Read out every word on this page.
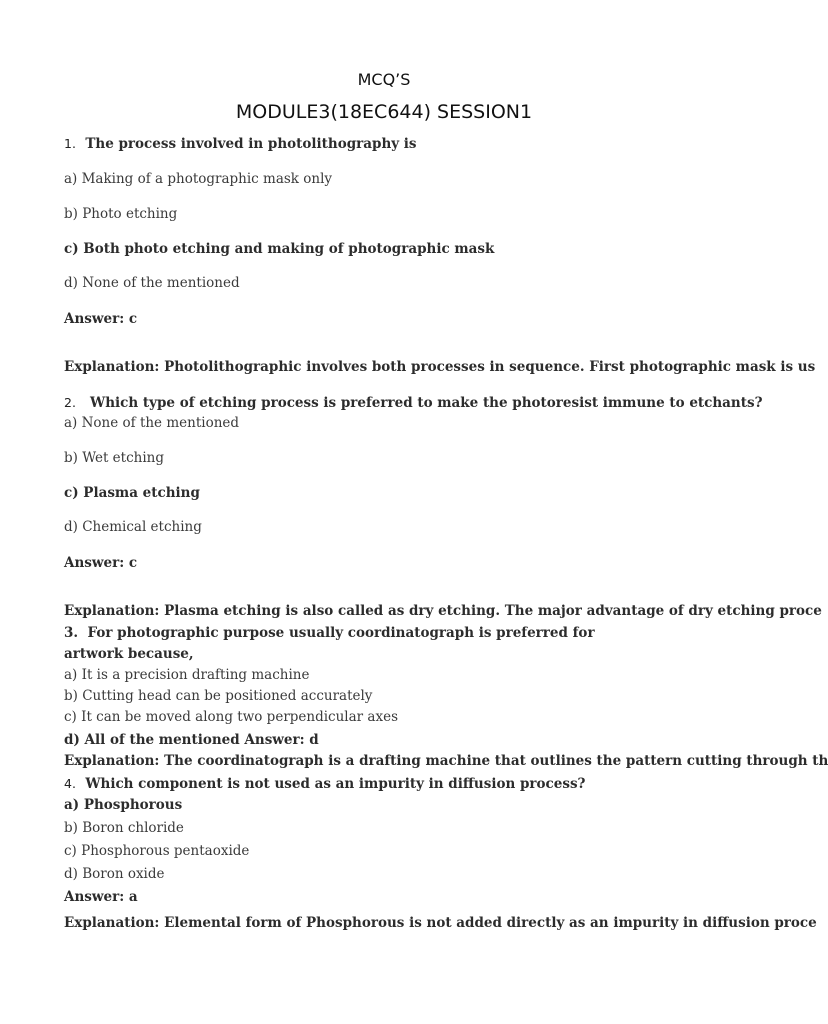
MCQ’S
MODULE3(18EC644) SESSION1
1. The process involved in photolithography is
a) Making of a photographic mask only
b) Photo etching
c) Both photo etching and making of photographic mask
d) None of the mentioned
Answer: c
Explanation: Photolithographic involves both processes in sequence. First photographic mask is us
2. Which type of etching process is preferred to make the photoresist immune to etchants?
a) None of the mentioned
b) Wet etching
c) Plasma etching
d) Chemical etching
Answer: c
Explanation: Plasma etching is also called as dry etching. The major advantage of dry etching proce
3. For photographic purpose usually coordinatograph is preferred for
artwork because,
a) It is a precision drafting machine
b) Cutting head can be positioned accurately
c) It can be moved along two perpendicular axes
d) All of the mentioned Answer: d
Explanation: The coordinatograph is a drafting machine that outlines the pattern cutting through th
4. Which component is not used as an impurity in diffusion process?
a) Phosphorous
b) Boron chloride
c) Phosphorous pentaoxide
d) Boron oxide
Answer: a
Explanation: Elemental form of Phosphorous is not added directly as an impurity in diffusion proce
